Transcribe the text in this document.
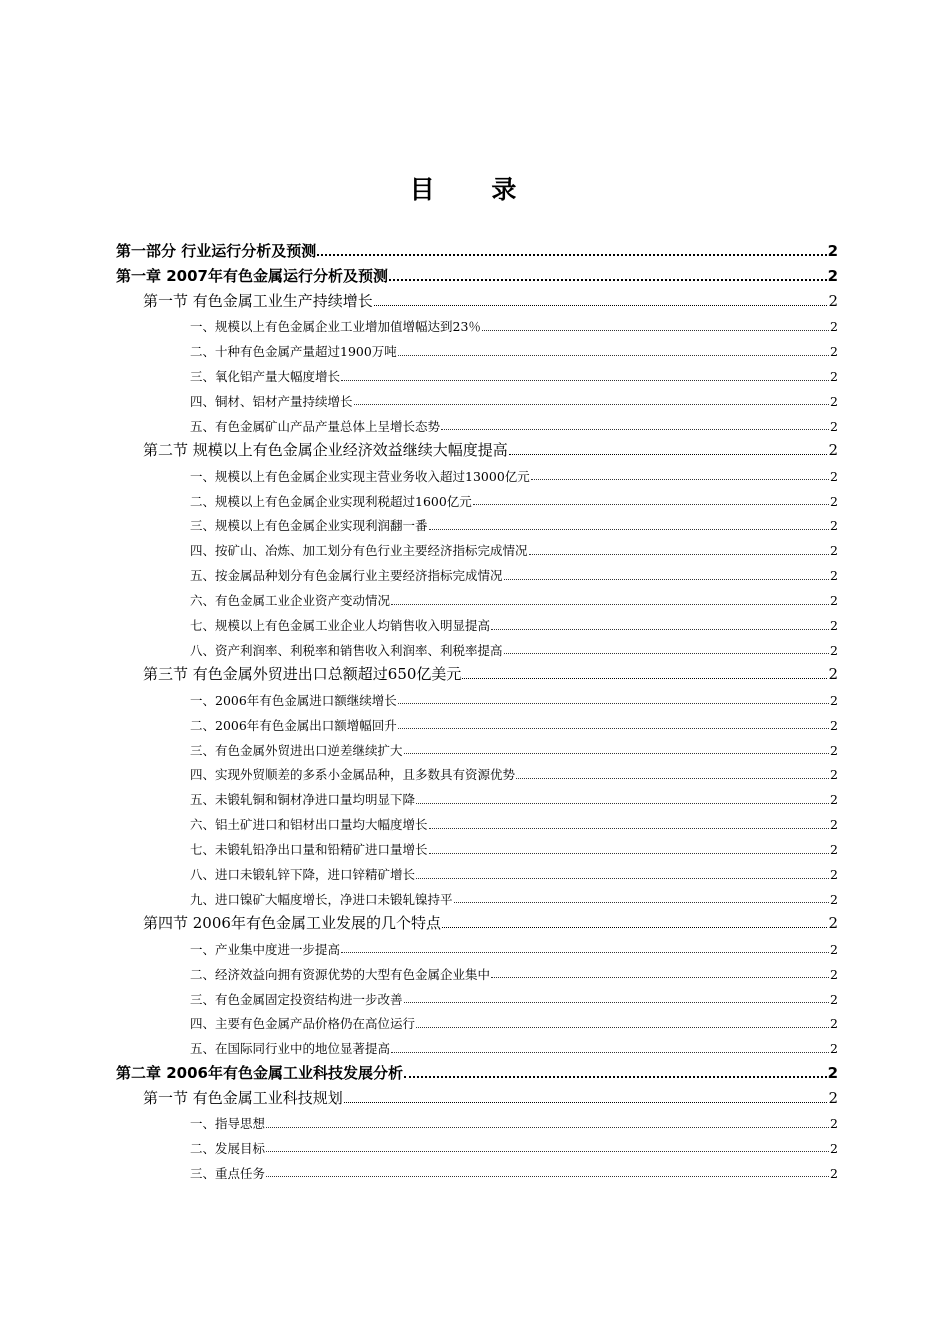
目 录
第一部分 行业运行分析及预测	2
第一章 2007年有色金属运行分析及预测	2
第一节 有色金属工业生产持续增长	2
一、规模以上有色金属企业工业增加值增幅达到23％	2
二、十种有色金属产量超过1900万吨	2
三、氧化铝产量大幅度增长	2
四、铜材、铝材产量持续增长	2
五、有色金属矿山产品产量总体上呈增长态势	2
第二节 规模以上有色金属企业经济效益继续大幅度提高	2
一、规模以上有色金属企业实现主营业务收入超过13000亿元	2
二、规模以上有色金属企业实现利税超过1600亿元	2
三、规模以上有色金属企业实现利润翻一番	2
四、按矿山、冶炼、加工划分有色行业主要经济指标完成情况	2
五、按金属品种划分有色金属行业主要经济指标完成情况	2
六、有色金属工业企业资产变动情况	2
七、规模以上有色金属工业企业人均销售收入明显提高	2
八、资产利润率、利税率和销售收入利润率、利税率提高	2
第三节 有色金属外贸进出口总额超过650亿美元	2
一、2006年有色金属进口额继续增长	2
二、2006年有色金属出口额增幅回升	2
三、有色金属外贸进出口逆差继续扩大	2
四、实现外贸顺差的多系小金属品种，且多数具有资源优势	2
五、未锻轧铜和铜材净进口量均明显下降	2
六、铝土矿进口和铝材出口量均大幅度增长	2
七、未锻轧铅净出口量和铅精矿进口量增长	2
八、进口未锻轧锌下降，进口锌精矿增长	2
九、进口镍矿大幅度增长，净进口未锻轧镍持平	2
第四节 2006年有色金属工业发展的几个特点	2
一、产业集中度进一步提高	2
二、经济效益向拥有资源优势的大型有色金属企业集中	2
三、有色金属固定投资结构进一步改善	2
四、主要有色金属产品价格仍在高位运行	2
五、在国际同行业中的地位显著提高	2
第二章 2006年有色金属工业科技发展分析	2
第一节 有色金属工业科技规划	2
一、指导思想	2
二、发展目标	2
三、重点任务	2
